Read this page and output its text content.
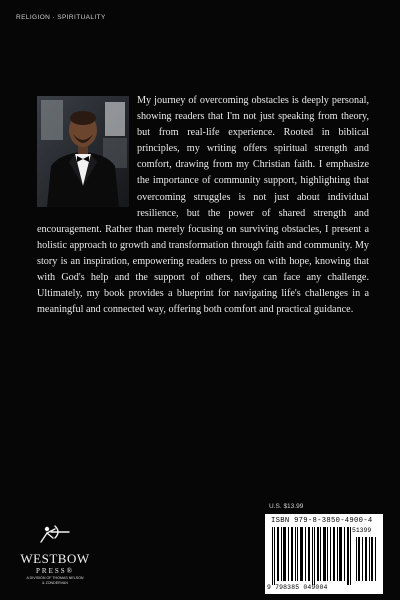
RELIGION · SPIRITUALITY
My journey of overcoming obstacles is deeply personal, showing readers that I'm not just speaking from theory, but from real-life experience. Rooted in biblical principles, my writing offers spiritual strength and comfort, drawing from my Christian faith. I emphasize the importance of community support, highlighting that overcoming struggles is not just about individual resilience, but the power of shared strength and encouragement. Rather than merely focusing on surviving obstacles, I present a holistic approach to growth and transformation through faith and community. My story is an inspiration, empowering readers to press on with hope, knowing that with God's help and the support of others, they can face any challenge. Ultimately, my book provides a blueprint for navigating life's challenges in a meaningful and connected way, offering both comfort and practical guidance.
U.S. $13.99
ISBN 979-8-3850-4900-4
51399
9 798385 049004
WESTBOW
PRESS®
A DIVISION OF THOMAS NELSON
& ZONDERVAN
